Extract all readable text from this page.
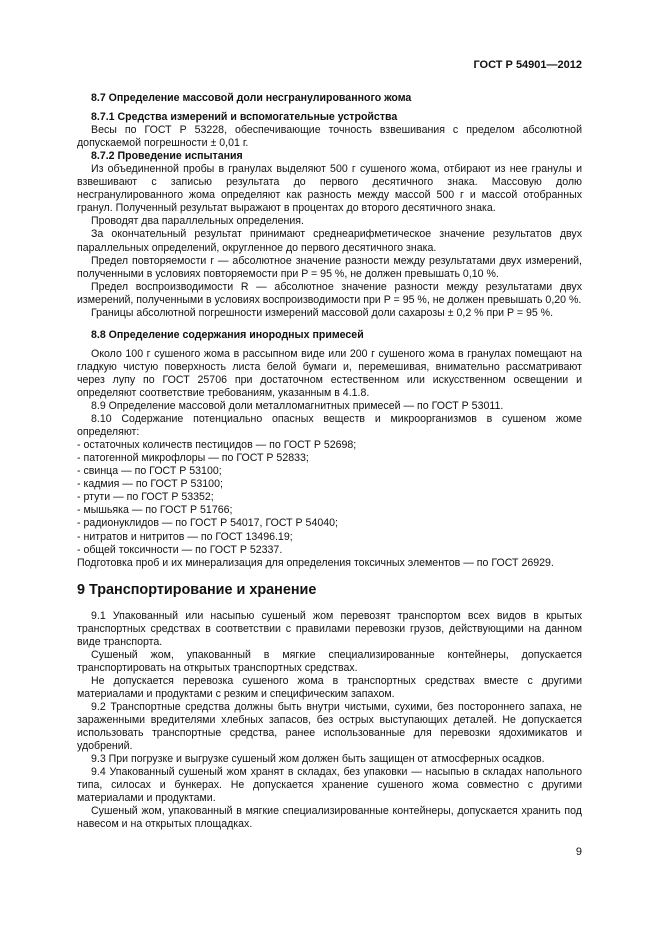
ГОСТ Р 54901—2012

8.7 Определение массовой доли несгранулированного жома

8.7.1 Средства измерений и вспомогательные устройства

Весы по ГОСТ Р 53228, обеспечивающие точность взвешивания с пределом абсолютной допускаемой погрешности ± 0,01 г.

8.7.2 Проведение испытания

Из объединенной пробы в гранулах выделяют 500 г сушеного жома, отбирают из нее гранулы и взвешивают с записью результата до первого десятичного знака. Массовую долю несгранулированного жома определяют как разность между массой 500 г и массой отобранных гранул. Полученный результат выражают в процентах до второго десятичного знака.

Проводят два параллельных определения.

За окончательный результат принимают среднеарифметическое значение результатов двух параллельных определений, округленное до первого десятичного знака.

Предел повторяемости r — абсолютное значение разности между результатами двух измерений, полученными в условиях повторяемости при P = 95 %, не должен превышать 0,10 %.

Предел воспроизводимости R — абсолютное значение разности между результатами двух измерений, полученными в условиях воспроизводимости при P = 95 %, не должен превышать 0,20 %.

Границы абсолютной погрешности измерений массовой доли сахарозы ± 0,2 % при P = 95 %.

8.8 Определение содержания инородных примесей

Около 100 г сушеного жома в рассыпном виде или 200 г сушеного жома в гранулах помещают на гладкую чистую поверхность листа белой бумаги и, перемешивая, внимательно рассматривают через лупу по ГОСТ 25706 при достаточном естественном или искусственном освещении и определяют соответствие требованиям, указанным в 4.1.8.

8.9 Определение массовой доли металломагнитных примесей — по ГОСТ Р 53011.

8.10 Содержание потенциально опасных веществ и микроорганизмов в сушеном жоме определяют:

- остаточных количеств пестицидов — по ГОСТ Р 52698;
- патогенной микрофлоры — по ГОСТ Р 52833;
- свинца — по ГОСТ Р 53100;
- кадмия — по ГОСТ Р 53100;
- ртути — по ГОСТ Р 53352;
- мышьяка — по ГОСТ Р 51766;
- радионуклидов — по ГОСТ Р 54017, ГОСТ Р 54040;
- нитратов и нитритов — по ГОСТ 13496.19;
- общей токсичности — по ГОСТ Р 52337.

Подготовка проб и их минерализация для определения токсичных элементов — по ГОСТ 26929.

9 Транспортирование и хранение

9.1 Упакованный или насыпью сушеный жом перевозят транспортом всех видов в крытых транспортных средствах в соответствии с правилами перевозки грузов, действующими на данном виде транспорта.

Сушеный жом, упакованный в мягкие специализированные контейнеры, допускается транспортировать на открытых транспортных средствах.

Не допускается перевозка сушеного жома в транспортных средствах вместе с другими материалами и продуктами с резким и специфическим запахом.

9.2 Транспортные средства должны быть внутри чистыми, сухими, без постороннего запаха, не зараженными вредителями хлебных запасов, без острых выступающих деталей. Не допускается использовать транспортные средства, ранее использованные для перевозки ядохимикатов и удобрений.

9.3 При погрузке и выгрузке сушеный жом должен быть защищен от атмосферных осадков.

9.4 Упакованный сушеный жом хранят в складах, без упаковки — насыпью в складах напольного типа, силосах и бункерах. Не допускается хранение сушеного жома совместно с другими материалами и продуктами.

Сушеный жом, упакованный в мягкие специализированные контейнеры, допускается хранить под навесом и на открытых площадках.

9
